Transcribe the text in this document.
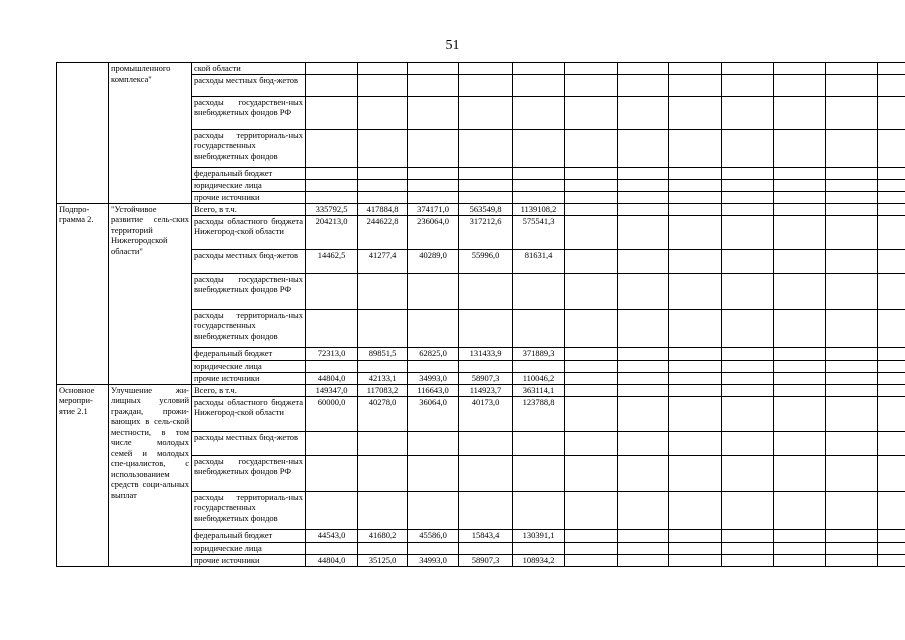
51
	промышленного комплекса"	ской области												
		расходы местных бюд-жетов												
		расходы государствен-ных внебюджетных фондов РФ												
		расходы территориаль-ных государственных внебюджетных фондов												
		федеральный бюджет												
		юридические лица												
		прочие источники												
Подпро-грамма 2.	"Устойчивое развитие сель-ских территорий Нижегородской области"	Всего, в т.ч.	335792,5	417884,8	374171,0	563549,8	1139108,2							
		расходы областного бюджета Нижегород-ской области	204213,0	244622,8	236064,0	317212,6	575541,3							
		расходы местных бюд-жетов	14462,5	41277,4	40289,0	55996,0	81631,4							
		расходы государствен-ных внебюджетных фондов РФ												
		расходы территориаль-ных государственных внебюджетных фондов												
		федеральный бюджет	72313,0	89851,5	62825,0	131433,9	371889,3							
		юридические лица												
		прочие источники	44804,0	42133,1	34993,0	58907,3	110046,2							
Основное меропри-ятие 2.1	Улучшение жи-лищных условий граждан, прожи-вающих в сель-ской местности, в том числе молодых семей и молодых спе-циалистов, с использованием средств соци-альных выплат	Всего, в т.ч.	149347,0	117083,2	116643,0	114923,7	363114,1							
		расходы областного бюджета Нижегород-ской области	60000,0	40278,0	36064,0	40173,0	123788,8							
		расходы местных бюд-жетов												
		расходы государствен-ных внебюджетных фондов РФ												
		расходы территориаль-ных государственных внебюджетных фондов												
		федеральный бюджет	44543,0	41680,2	45586,0	15843,4	130391,1							
		юридические лица												
		прочие источники	44804,0	35125,0	34993,0	58907,3	108934,2							
